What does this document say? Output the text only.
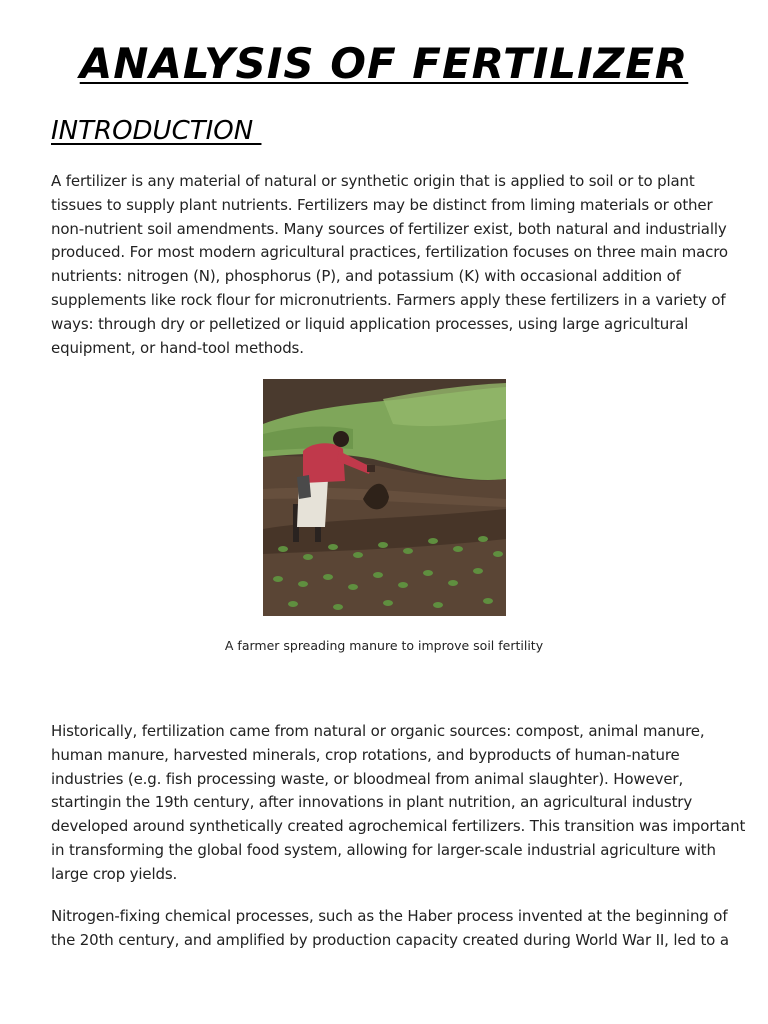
ANALYSIS OF FERTILIZER
INTRODUCTION
A fertilizer is any material of natural or synthetic origin that is applied to soil or to plant
tissues to supply plant nutrients. Fertilizers may be distinct from liming materials or other
non-nutrient soil amendments. Many sources of fertilizer exist, both natural and industrially
produced. For most modern agricultural practices, fertilization focuses on three main macro
nutrients: nitrogen (N), phosphorus (P), and potassium (K) with occasional addition of
supplements like rock flour for micronutrients. Farmers apply these fertilizers in a variety of
ways: through dry or pelletized or liquid application processes, using large agricultural
equipment, or hand-tool methods.

A farmer spreading manure to improve soil fertility

Historically, fertilization came from natural or organic sources: compost, animal manure,
human manure, harvested minerals, crop rotations, and byproducts of human-nature
industries (e.g. fish processing waste, or bloodmeal from animal slaughter). However,
startingin the 19th century, after innovations in plant nutrition, an agricultural industry
developed around synthetically created agrochemical fertilizers. This transition was important
in transforming the global food system, allowing for larger-scale industrial agriculture with
large crop yields.
Nitrogen-fixing chemical processes, such as the Haber process invented at the beginning of
the 20th century, and amplified by production capacity created during World War II, led to a
